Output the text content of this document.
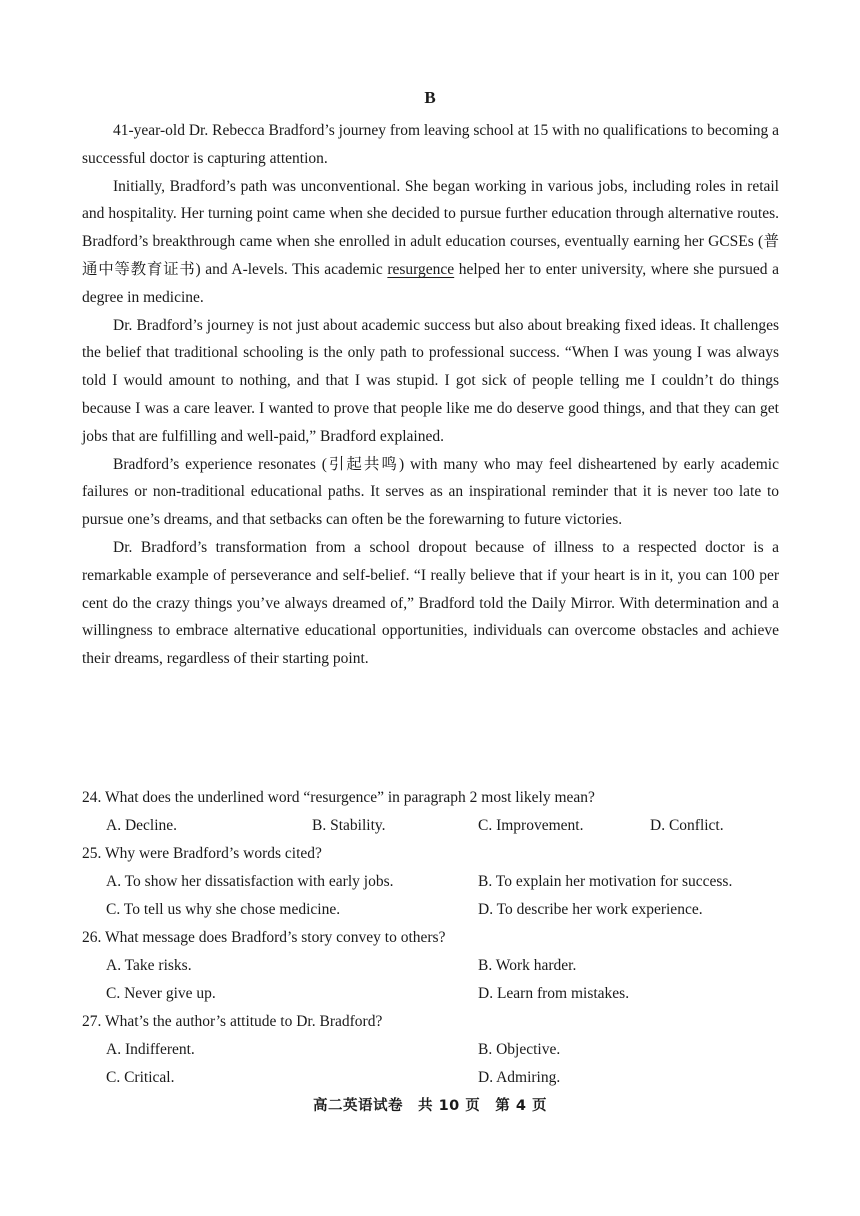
B

41-year-old Dr. Rebecca Bradford’s journey from leaving school at 15 with no qualifications to becoming a successful doctor is capturing attention.

Initially, Bradford’s path was unconventional. She began working in various jobs, including roles in retail and hospitality. Her turning point came when she decided to pursue further education through alternative routes. Bradford’s breakthrough came when she enrolled in adult education courses, eventually earning her GCSEs (普通中等教育证书) and A-levels. This academic resurgence helped her to enter university, where she pursued a degree in medicine.

Dr. Bradford’s journey is not just about academic success but also about breaking fixed ideas. It challenges the belief that traditional schooling is the only path to professional success. “When I was young I was always told I would amount to nothing, and that I was stupid. I got sick of people telling me I couldn’t do things because I was a care leaver. I wanted to prove that people like me do deserve good things, and that they can get jobs that are fulfilling and well-paid,” Bradford explained.

Bradford’s experience resonates (引起共鸣) with many who may feel disheartened by early academic failures or non-traditional educational paths. It serves as an inspirational reminder that it is never too late to pursue one’s dreams, and that setbacks can often be the forewarning to future victories.

Dr. Bradford’s transformation from a school dropout because of illness to a respected doctor is a remarkable example of perseverance and self-belief. “I really believe that if your heart is in it, you can 100 per cent do the crazy things you’ve always dreamed of,” Bradford told the Daily Mirror. With determination and a willingness to embrace alternative educational opportunities, individuals can overcome obstacles and achieve their dreams, regardless of their starting point.

24. What does the underlined word “resurgence” in paragraph 2 most likely mean?
A. Decline.	B. Stability.	C. Improvement.	D. Conflict.
25. Why were Bradford’s words cited?
A. To show her dissatisfaction with early jobs.	B. To explain her motivation for success.
C. To tell us why she chose medicine.	D. To describe her work experience.
26. What message does Bradford’s story convey to others?
A. Take risks.	B. Work harder.
C. Never give up.	D. Learn from mistakes.
27. What’s the author’s attitude to Dr. Bradford?
A. Indifferent.	B. Objective.
C. Critical.	D. Admiring.
高二英语试卷　共 10 页　第 4 页
